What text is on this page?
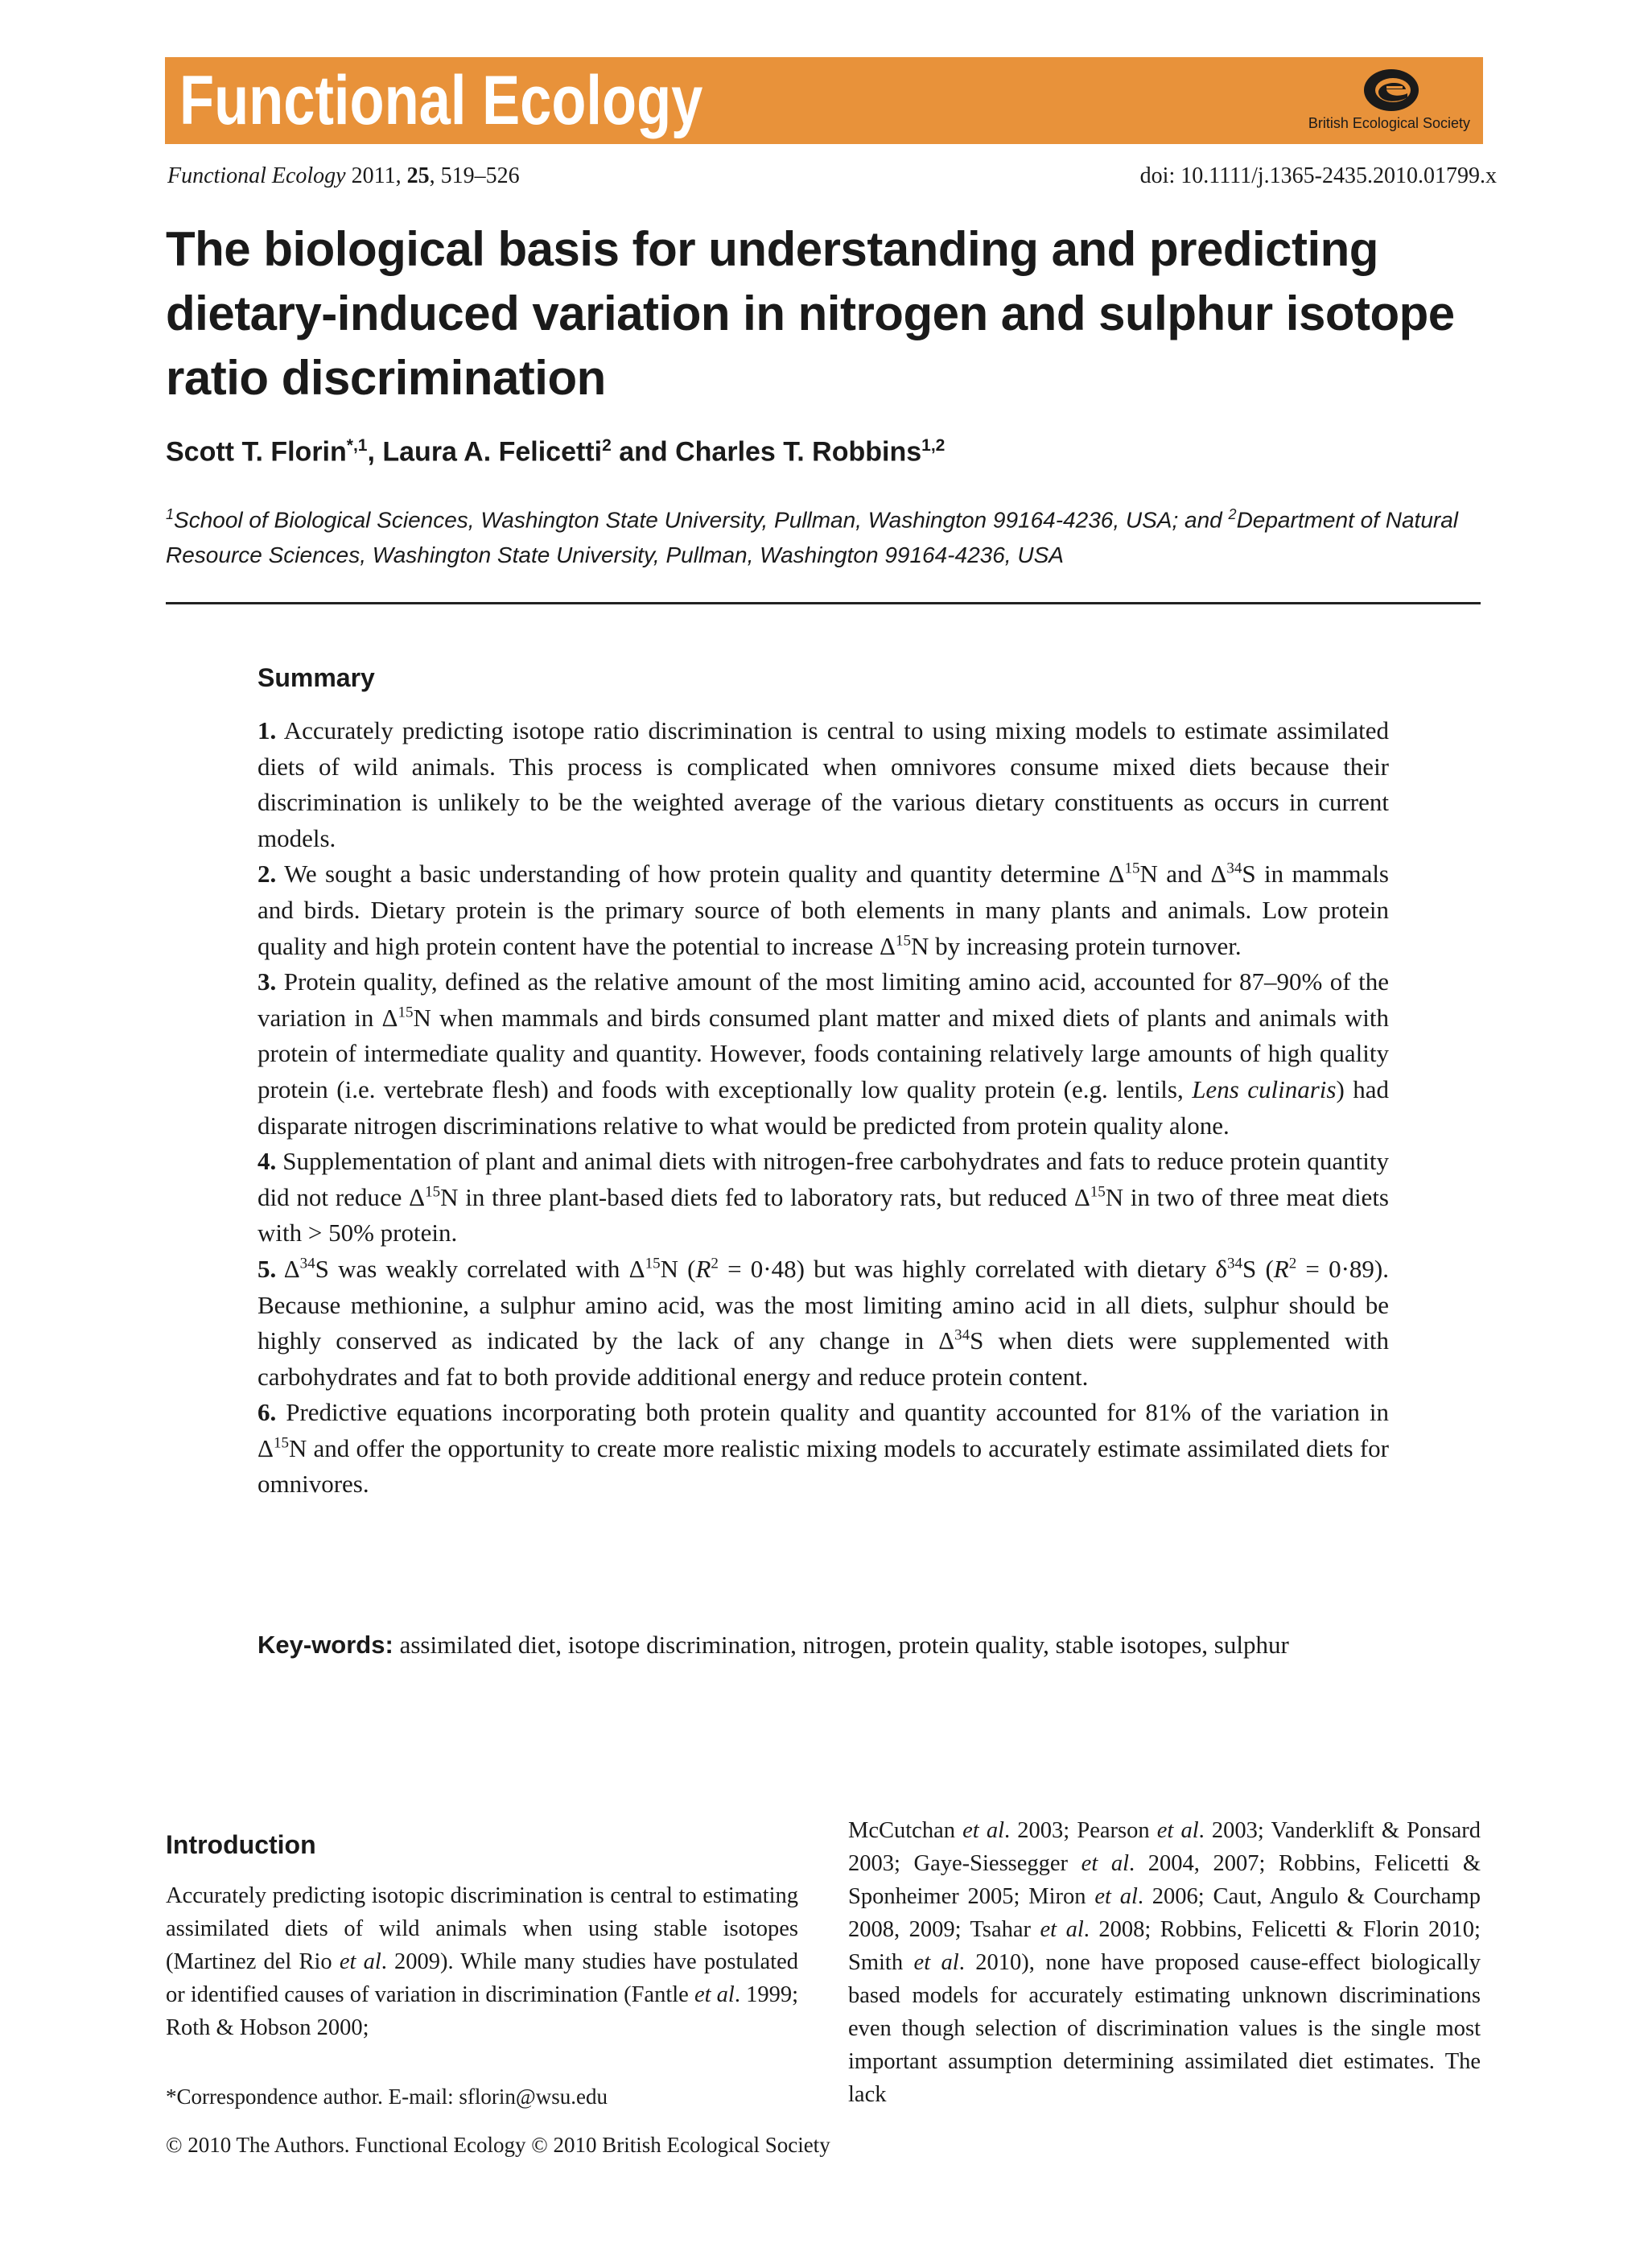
Functional Ecology	British Ecological Society
Functional Ecology 2011, 25, 519–526	doi: 10.1111/j.1365-2435.2010.01799.x
The biological basis for understanding and predicting dietary-induced variation in nitrogen and sulphur isotope ratio discrimination
Scott T. Florin$^{*,1}$, Laura A. Felicetti$^2$ and Charles T. Robbins$^{1,2}$
$^1$School of Biological Sciences, Washington State University, Pullman, Washington 99164-4236, USA; and $^2$Department of Natural Resource Sciences, Washington State University, Pullman, Washington 99164-4236, USA
Summary

1. Accurately predicting isotope ratio discrimination is central to using mixing models to estimate assimilated diets of wild animals. This process is complicated when omnivores consume mixed diets because their discrimination is unlikely to be the weighted average of the various dietary constituents as occurs in current models.

2. We sought a basic understanding of how protein quality and quantity determine $\Delta^{15}N$ and $\Delta^{34}S$ in mammals and birds. Dietary protein is the primary source of both elements in many plants and animals. Low protein quality and high protein content have the potential to increase $\Delta^{15}N$ by increasing protein turnover.

3. Protein quality, defined as the relative amount of the most limiting amino acid, accounted for 87–90% of the variation in $\Delta^{15}N$ when mammals and birds consumed plant matter and mixed diets of plants and animals with protein of intermediate quality and quantity. However, foods containing relatively large amounts of high quality protein (i.e. vertebrate flesh) and foods with exceptionally low quality protein (e.g. lentils, Lens culinaris) had disparate nitrogen discriminations relative to what would be predicted from protein quality alone.

4. Supplementation of plant and animal diets with nitrogen-free carbohydrates and fats to reduce protein quantity did not reduce $\Delta^{15}N$ in three plant-based diets fed to laboratory rats, but reduced $\Delta^{15}N$ in two of three meat diets with > 50% protein.

5. $\Delta^{34}S$ was weakly correlated with $\Delta^{15}N$ $(R^2 = 0\cdot 48)$ but was highly correlated with dietary $\delta^{34}S$ $(R^2 = 0\cdot 89)$. Because methionine, a sulphur amino acid, was the most limiting amino acid in all diets, sulphur should be highly conserved as indicated by the lack of any change in $\Delta^{34}S$ when diets were supplemented with carbohydrates and fat to both provide additional energy and reduce protein content.

6. Predictive equations incorporating both protein quality and quantity accounted for 81% of the variation in $\Delta^{15}N$ and offer the opportunity to create more realistic mixing models to accurately estimate assimilated diets for omnivores.

Key-words: assimilated diet, isotope discrimination, nitrogen, protein quality, stable isotopes, sulphur
Introduction

Accurately predicting isotopic discrimination is central to estimating assimilated diets of wild animals when using stable isotopes (Martinez del Rio et al. 2009). While many studies have postulated or identified causes of variation in discrimination (Fantle et al. 1999; Roth & Hobson 2000;

McCutchan et al. 2003; Pearson et al. 2003; Vanderklift & Ponsard 2003; Gaye-Siessegger et al. 2004, 2007; Robbins, Felicetti & Sponheimer 2005; Miron et al. 2006; Caut, Angulo & Courchamp 2008, 2009; Tsahar et al. 2008; Robbins, Felicetti & Florin 2010; Smith et al. 2010), none have proposed cause-effect biologically based models for accurately estimating unknown discriminations even though selection of discrimination values is the single most important assumption determining assimilated diet estimates. The lack

*Correspondence author. E-mail: sflorin@wsu.edu
© 2010 The Authors. Functional Ecology © 2010 British Ecological Society
